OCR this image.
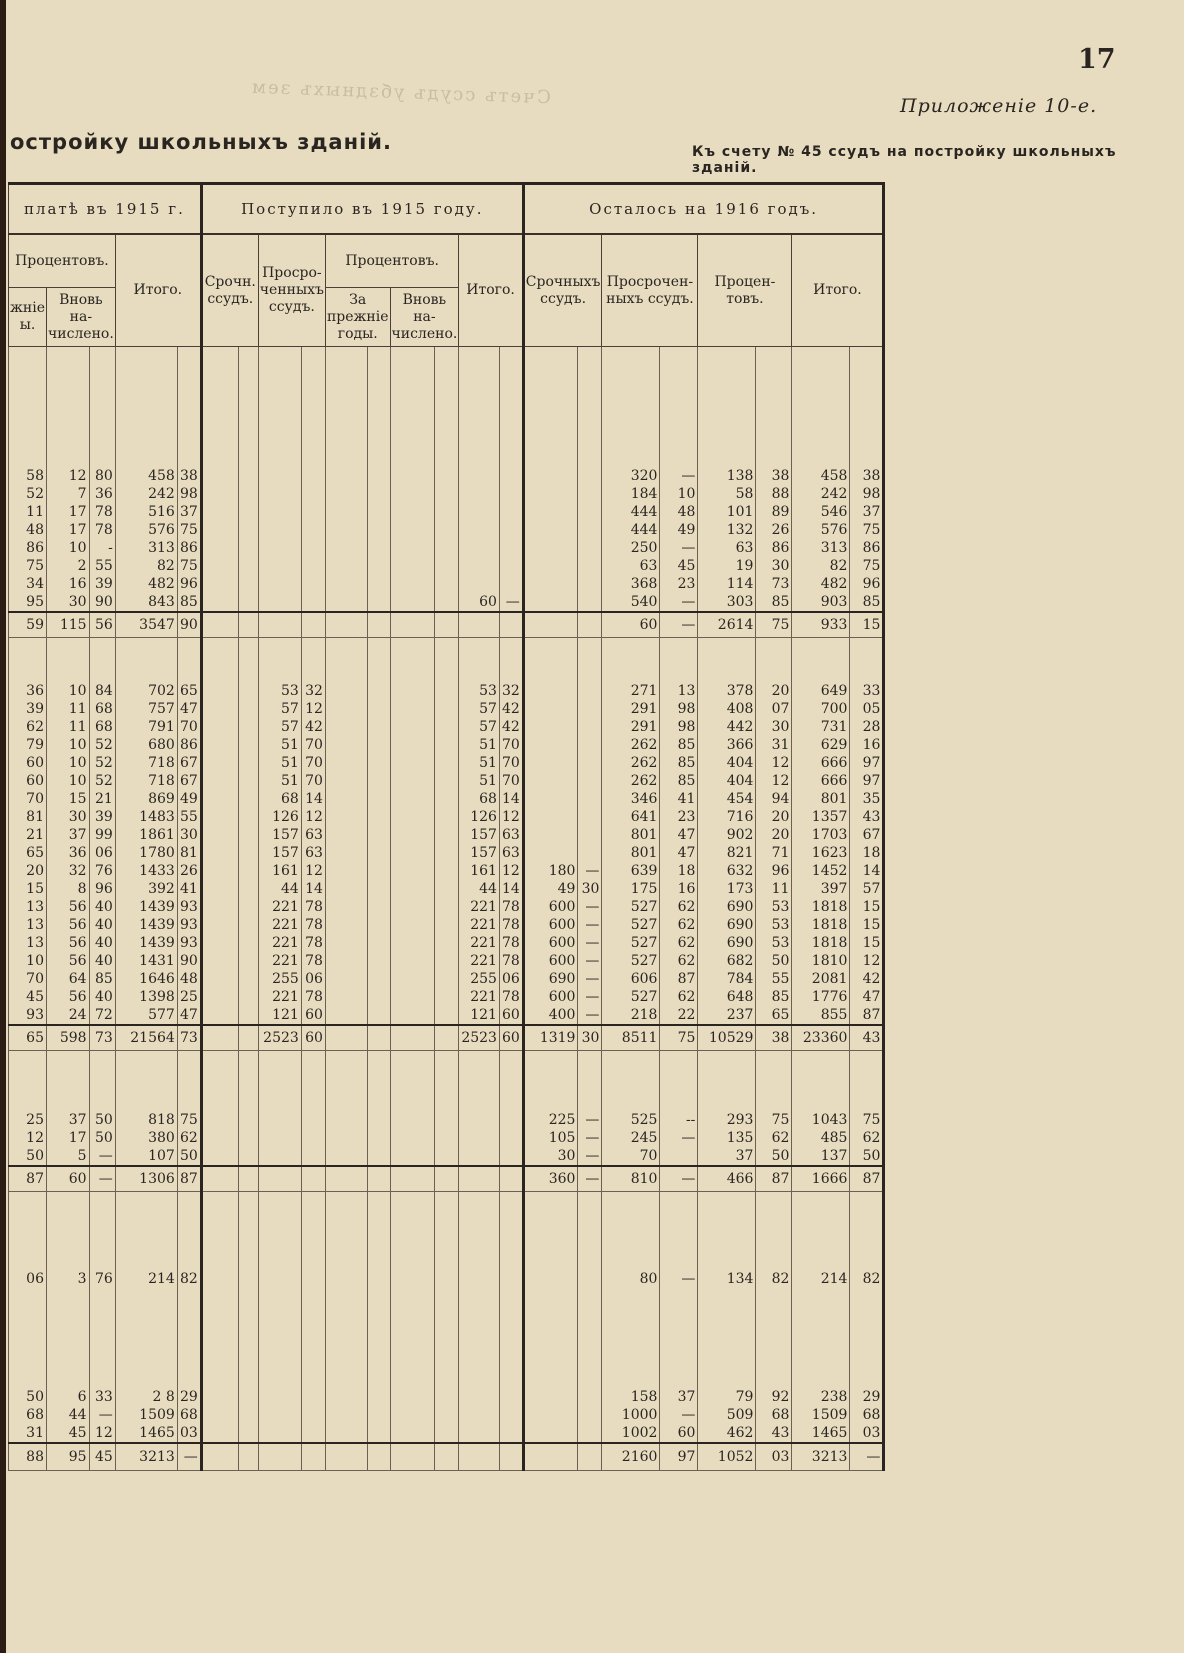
Счетъ ссудъ убздныхъ зем
17
Приложеніе 10-е.
остройку школьныхъ зданій.	Къ счету № 45 ссудъ на постройку школьныхъ зданій.
платѣ въ 1915 г.					Поступило въ 1915 году.										Осталось на 1916 годъ.							
Процентовъ.			Итого.		Срочн. ссудъ.		Просро-ченныхъ ссудъ.		Процентовъ.				Итого.		Срочныхъ ссудъ.		Просрочен-ныхъ ссудъ.		Процен-товъ.		Итого.	
жніе ы.	Вновь на-числено.								За прежніе годы.		Вновь на-числено.											

58	12	80	458	38													320	—	138	38	458	38
52	7	36	242	98													184	10	58	88	242	98
11	17	78	516	37													444	48	101	89	546	37
48	17	78	576	75													444	49	132	26	576	75
86	10	-	313	86													250	—	63	86	313	86
75	2	55	82	75													63	45	19	30	82	75
34	16	39	482	96													368	23	114	73	482	96
95	30	90	843	85									60	—			540	—	303	85	903	85
59	115	56	3547	90													60	—	2614	75	933	15

36	10	84	702	65			53	32					53	32			271	13	378	20	649	33
39	11	68	757	47			57	12					57	42			291	98	408	07	700	05
62	11	68	791	70			57	42					57	42			291	98	442	30	731	28
79	10	52	680	86			51	70					51	70			262	85	366	31	629	16
60	10	52	718	67			51	70					51	70			262	85	404	12	666	97
60	10	52	718	67			51	70					51	70			262	85	404	12	666	97
70	15	21	869	49			68	14					68	14			346	41	454	94	801	35
81	30	39	1483	55			126	12					126	12			641	23	716	20	1357	43
21	37	99	1861	30			157	63					157	63			801	47	902	20	1703	67
65	36	06	1780	81			157	63					157	63			801	47	821	71	1623	18
20	32	76	1433	26			161	12					161	12	180	—	639	18	632	96	1452	14
15	8	96	392	41			44	14					44	14	49	30	175	16	173	11	397	57
13	56	40	1439	93			221	78					221	78	600	—	527	62	690	53	1818	15
13	56	40	1439	93			221	78					221	78	600	—	527	62	690	53	1818	15
13	56	40	1439	93			221	78					221	78	600	—	527	62	690	53	1818	15
10	56	40	1431	90			221	78					221	78	600	—	527	62	682	50	1810	12
70	64	85	1646	48			255	06					255	06	690	—	606	87	784	55	2081	42
45	56	40	1398	25			221	78					221	78	600	—	527	62	648	85	1776	47
93	24	72	577	47			121	60					121	60	400	—	218	22	237	65	855	87
65	598	73	21564	73			2523	60					2523	60	1319	30	8511	75	10529	38	23360	43

25	37	50	818	75											225	—	525	--	293	75	1043	75
12	17	50	380	62											105	—	245	—	135	62	485	62
50	5	—	107	50											30	—	70		37	50	137	50
87	60	—	1306	87											360	—	810	—	466	87	1666	87

06	3	76	214	82													80	—	134	82	214	82

50	6	33	2 8	29													158	37	79	92	238	29
68	44	—	1509	68													1000	—	509	68	1509	68
31	45	12	1465	03													1002	60	462	43	1465	03
88	95	45	3213	—													2160	97	1052	03	3213	—
